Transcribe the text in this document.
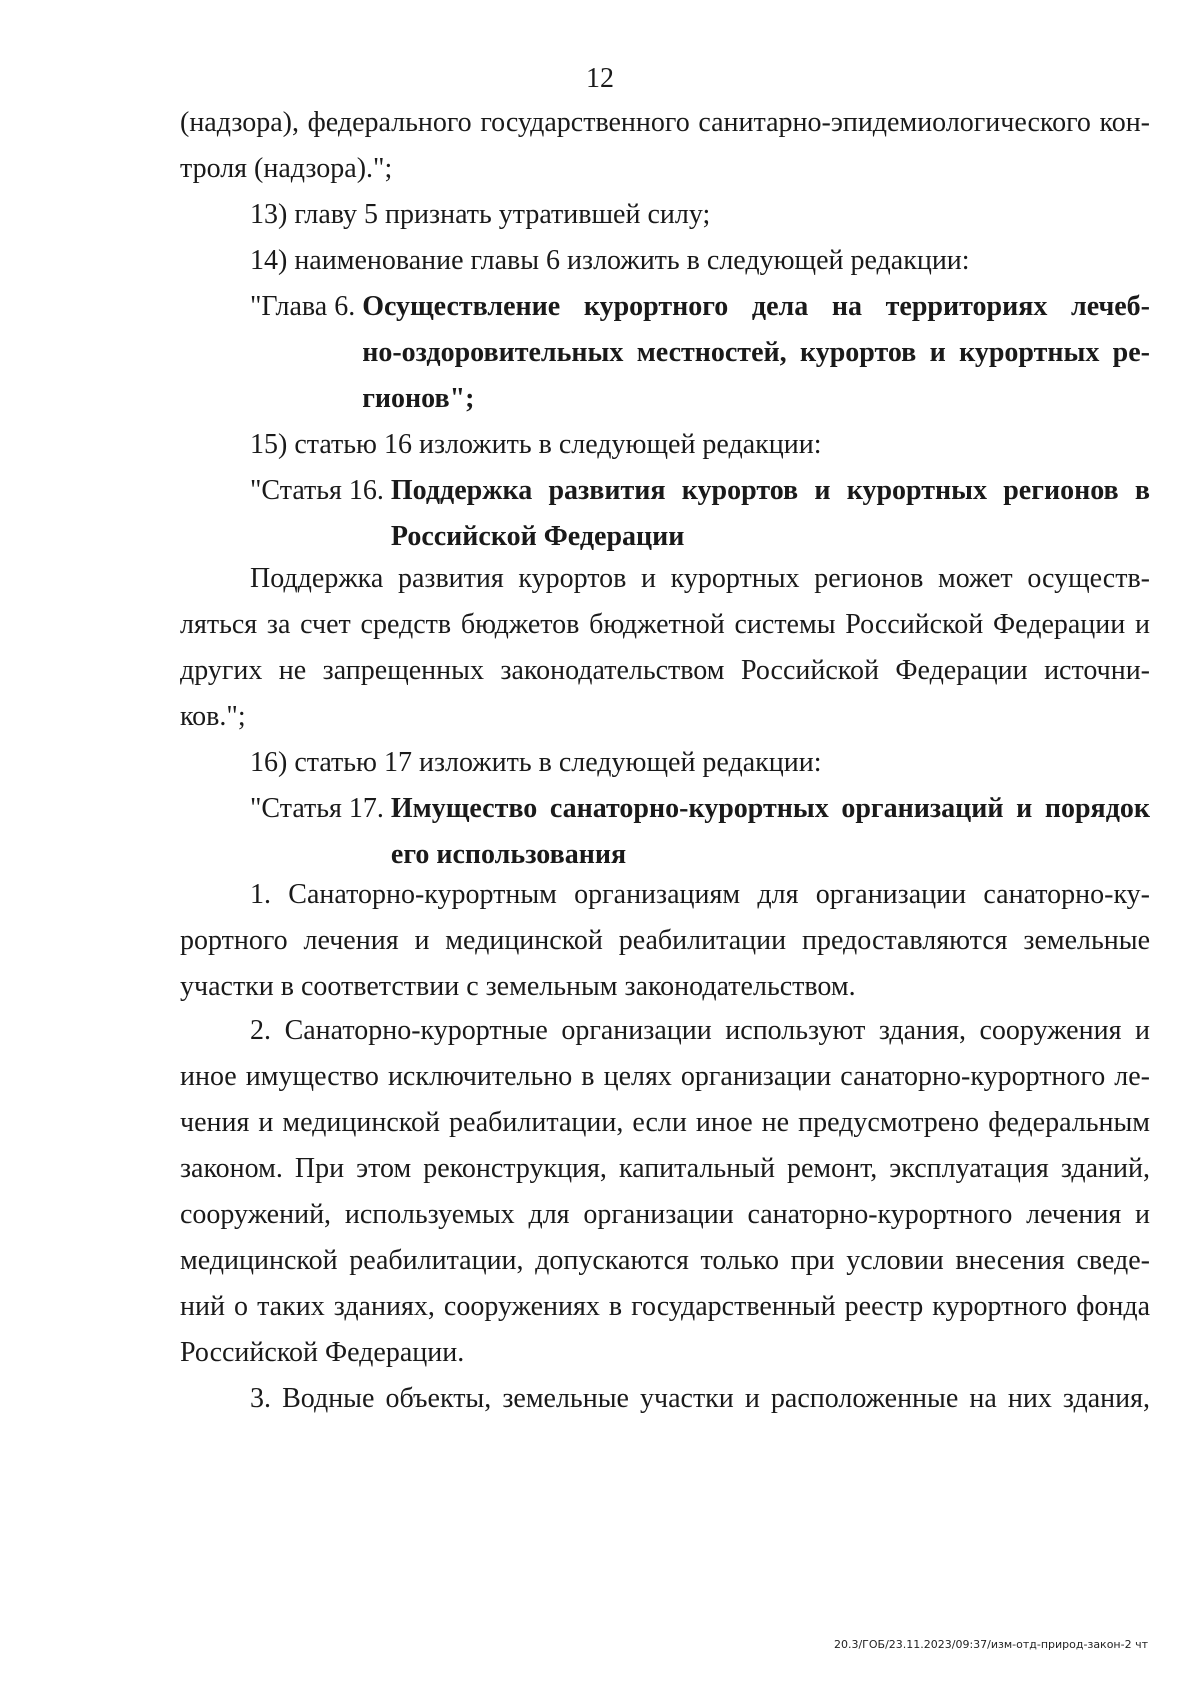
12

(надзора), федерального государственного санитарно-эпидемиологического кон-

троля (надзора).";

13) главу 5 признать утратившей силу;

14) наименование главы 6 изложить в следующей редакции:

"Глава 6. Осуществление курортного дела на территориях лечеб-
но-оздоровительных местностей, курортов и курортных ре-
гионов";

15) статью 16 изложить в следующей редакции:

"Статья 16. Поддержка развития курортов и курортных регионов в
Российской Федерации

Поддержка развития курортов и курортных регионов может осуществ-

ляться за счет средств бюджетов бюджетной системы Российской Федерации и

других не запрещенных законодательством Российской Федерации источни-

ков.";

16) статью 17 изложить в следующей редакции:

"Статья 17. Имущество санаторно-курортных организаций и порядок
его использования

1. Санаторно-курортным организациям для организации санаторно-ку-

рортного лечения и медицинской реабилитации предоставляются земельные

участки в соответствии с земельным законодательством.

2. Санаторно-курортные организации используют здания, сооружения и

иное имущество исключительно в целях организации санаторно-курортного ле-

чения и медицинской реабилитации, если иное не предусмотрено федеральным

законом. При этом реконструкция, капитальный ремонт, эксплуатация зданий,

сооружений, используемых для организации санаторно-курортного лечения и

медицинской реабилитации, допускаются только при условии внесения сведе-

ний о таких зданиях, сооружениях в государственный реестр курортного фонда

Российской Федерации.

3. Водные объекты, земельные участки и расположенные на них здания,

20.3/ГОБ/23.11.2023/09:37/изм-отд-природ-закон-2 чт
